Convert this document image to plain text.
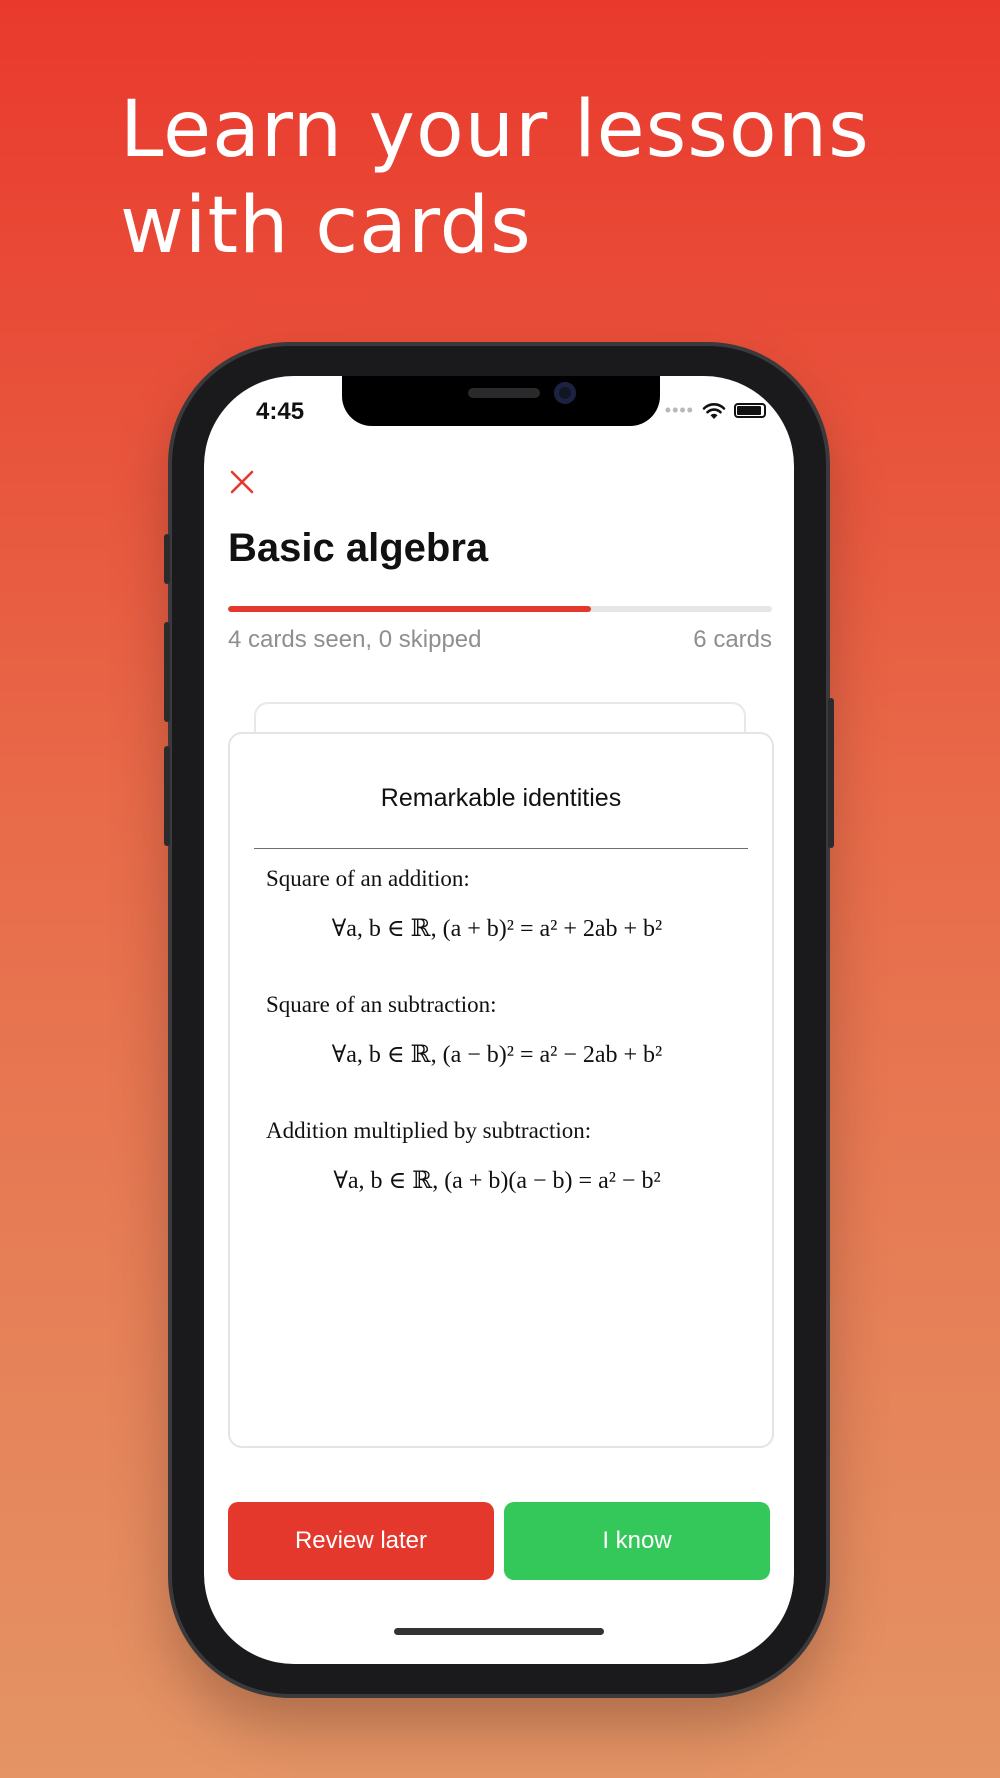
Learn your lessons
with cards
4:45	••••
Basic algebra
4 cards seen, 0 skipped	6 cards
Remarkable identities
Square of an addition:
∀a, b ∈ ℝ, (a + b)² = a² + 2ab + b²
Square of an subtraction:
∀a, b ∈ ℝ, (a − b)² = a² − 2ab + b²
Addition multiplied by subtraction:
∀a, b ∈ ℝ, (a + b)(a − b) = a² − b²
Review later	I know
